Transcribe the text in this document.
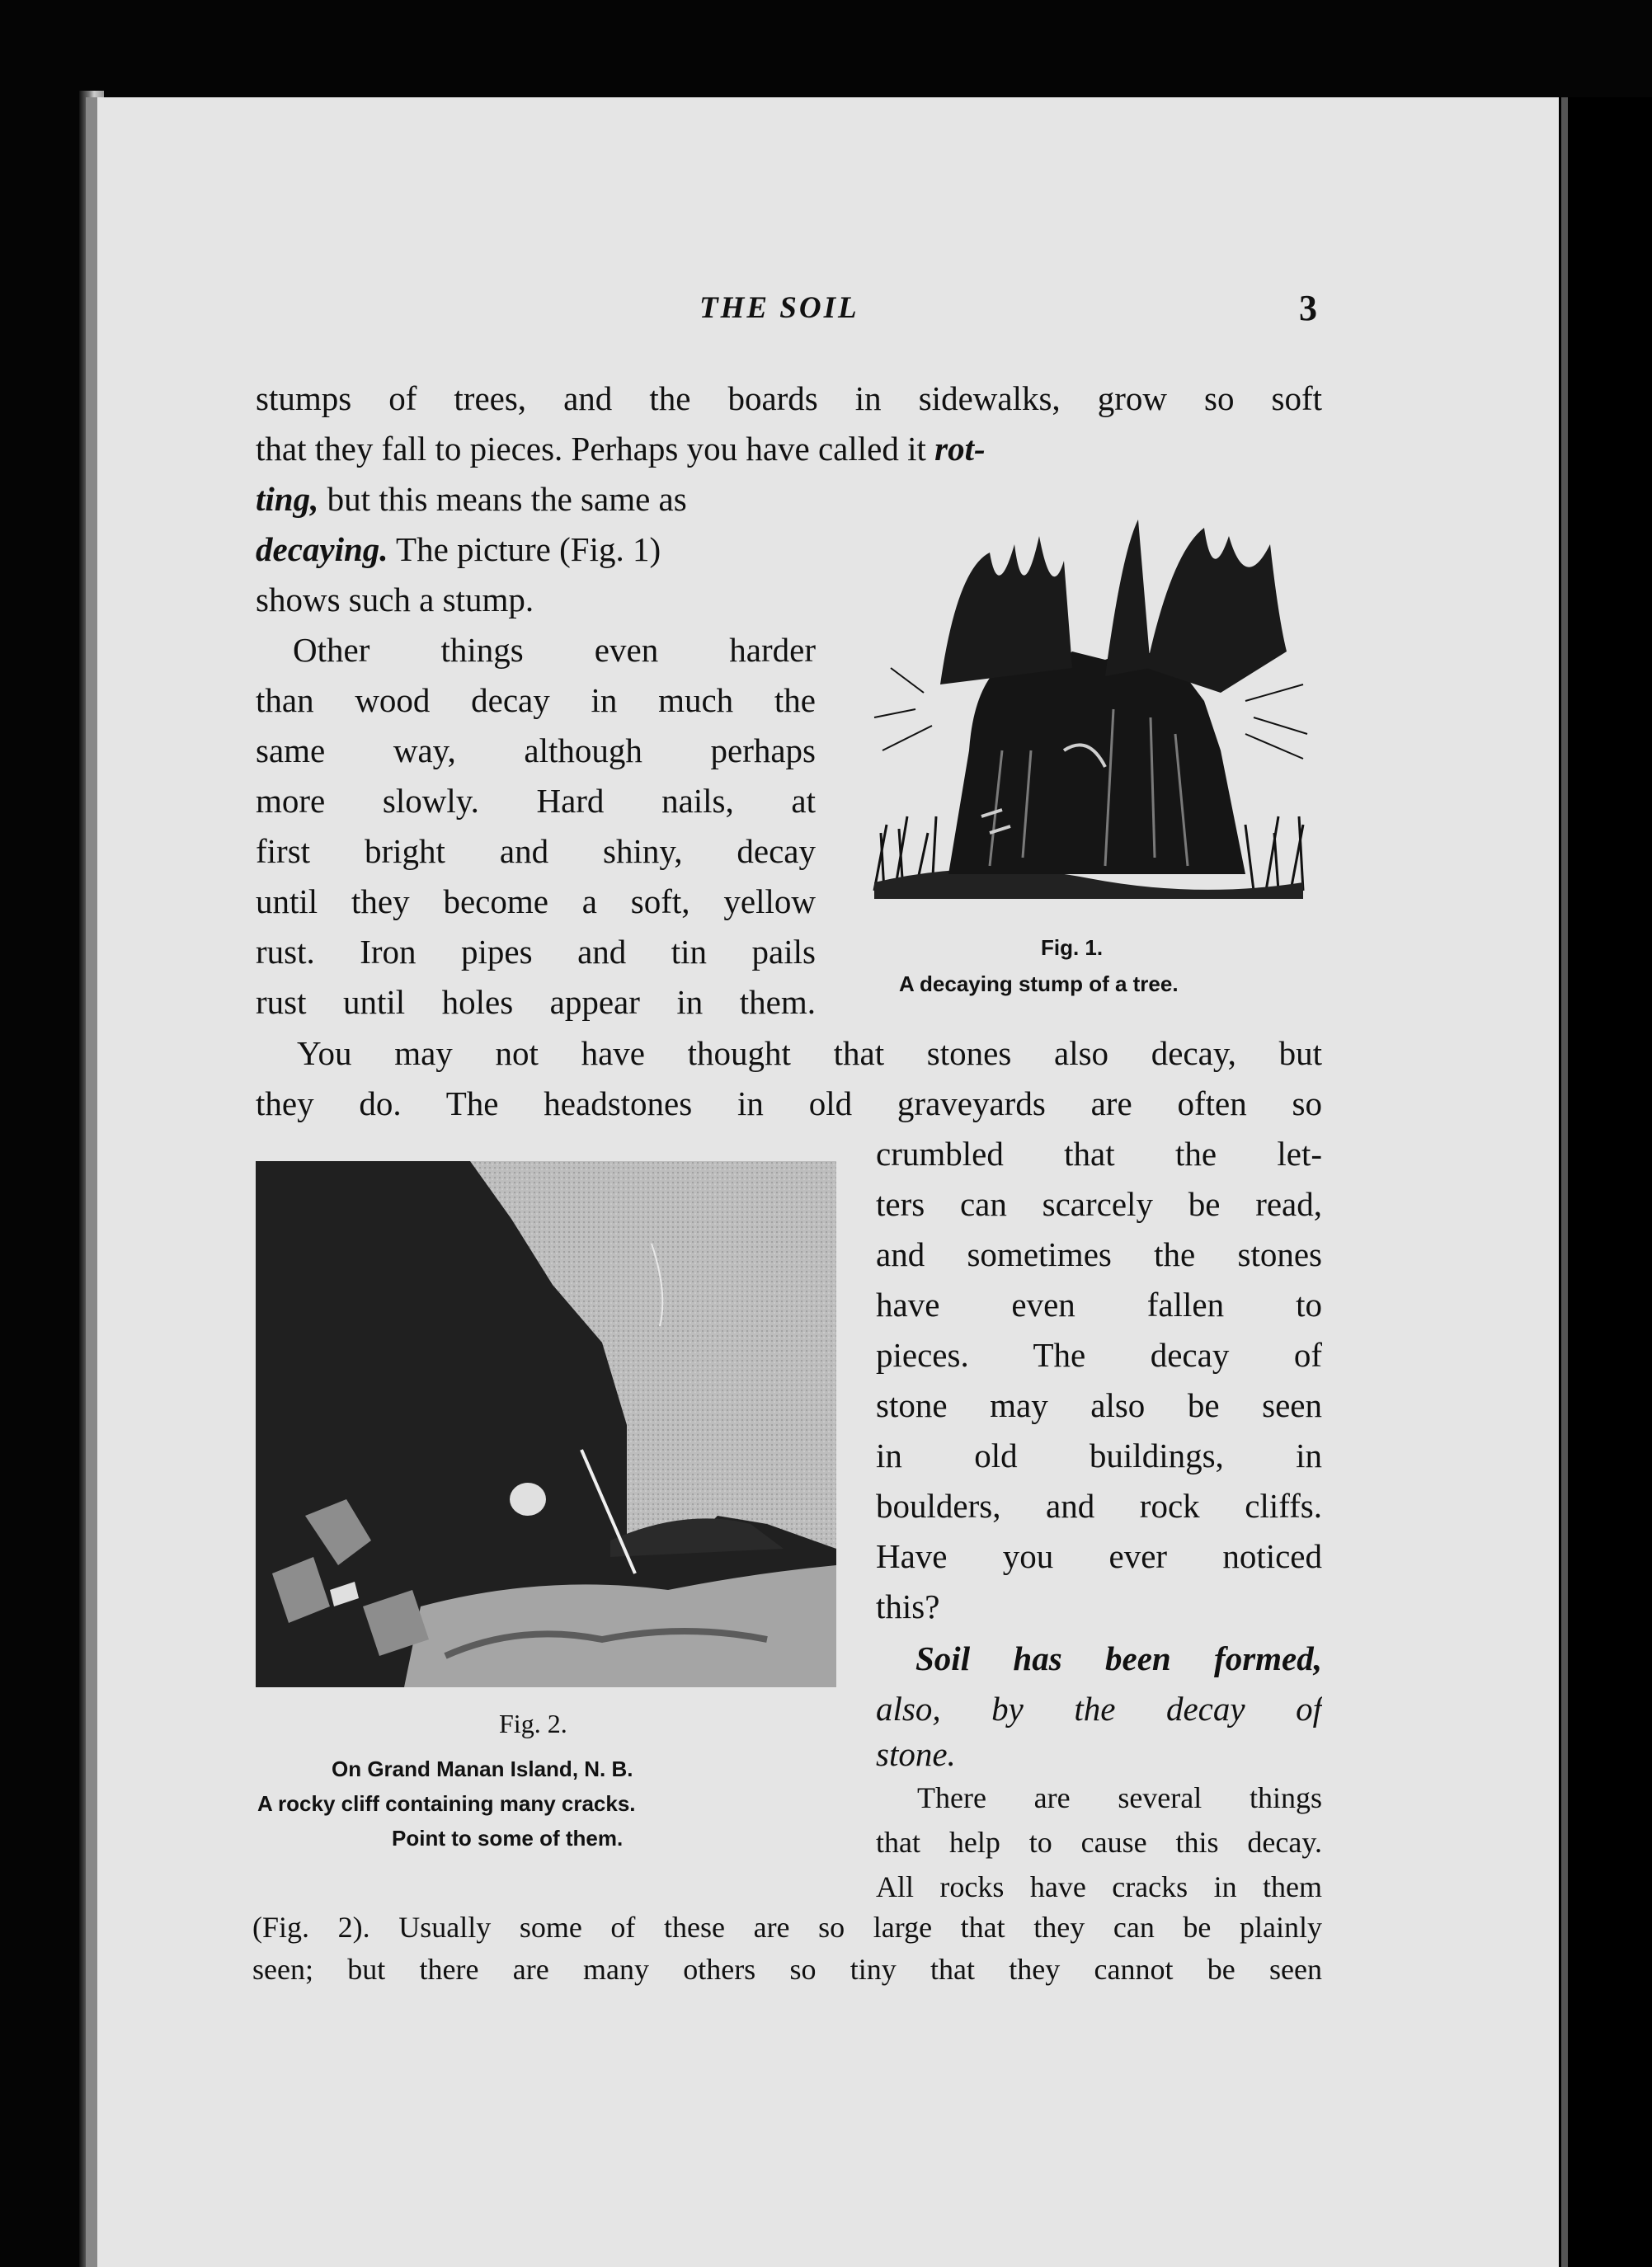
THE SOIL	3
stumps of trees, and the boards in sidewalks, grow so soft
that they fall to pieces. Perhaps you have called it rot-
ting, but this means the same as
decaying. The picture (Fig. 1)
shows such a stump.
Other things even harder
than wood decay in much the
same way, although perhaps
more slowly. Hard nails, at
first bright and shiny, decay
until they become a soft, yellow
rust. Iron pipes and tin pails
rust until holes appear in them.
Fig. 1.
A decaying stump of a tree.
You may not have thought that stones also decay, but
they do. The headstones in old graveyards are often so
crumbled that the let-
ters can scarcely be read,
and sometimes the stones
have even fallen to
pieces. The decay of
stone may also be seen
in old buildings, in
boulders, and rock cliffs.
Have you ever noticed
this?
Soil has been formed,
also, by the decay of
stone.
Fig. 2.
On Grand Manan Island, N. B.
A rocky cliff containing many cracks.
Point to some of them.
There are several things
that help to cause this decay.
All rocks have cracks in them
(Fig. 2). Usually some of these are so large that they can be plainly
seen; but there are many others so tiny that they cannot be seen
